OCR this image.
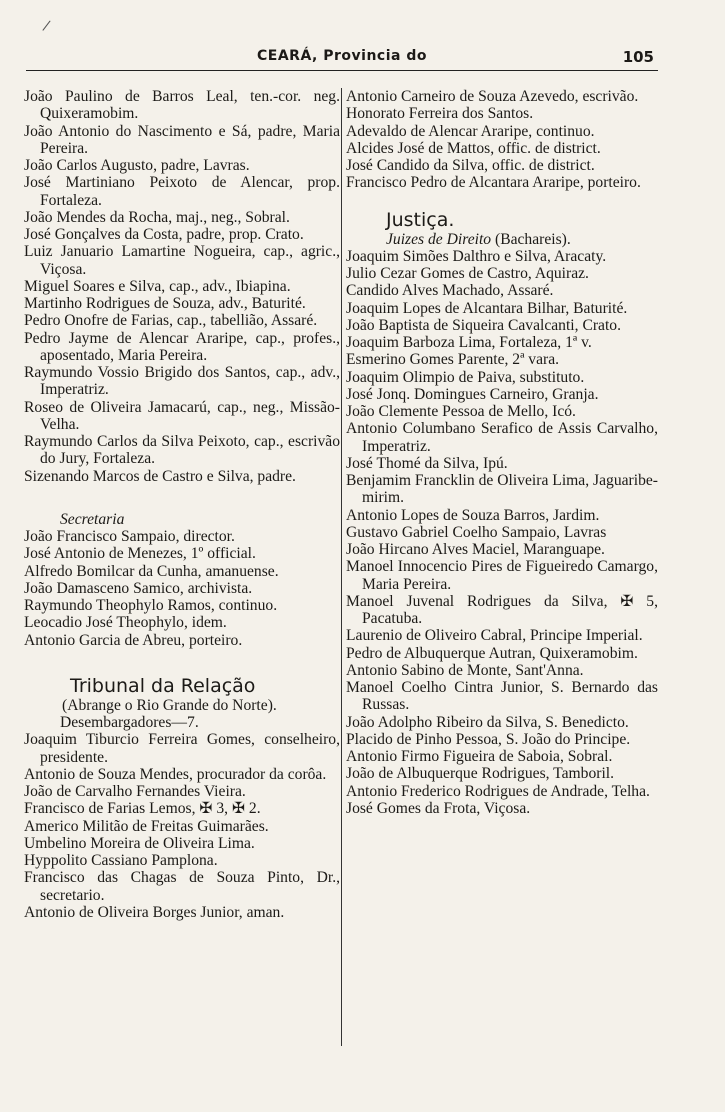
/
CEARÁ, Provincia do	105
João Paulino de Barros Leal, ten.-cor. neg. Quixeramobim.
João Antonio do Nascimento e Sá, padre, Maria Pereira.
João Carlos Augusto, padre, Lavras.
José Martiniano Peixoto de Alencar, prop. Fortaleza.
João Mendes da Rocha, maj., neg., Sobral.
José Gonçalves da Costa, padre, prop. Crato.
Luiz Januario Lamartine Nogueira, cap., agric., Viçosa.
Miguel Soares e Silva, cap., adv., Ibiapina.
Martinho Rodrigues de Souza, adv., Baturité.
Pedro Onofre de Farias, cap., tabellião, Assaré.
Pedro Jayme de Alencar Araripe, cap., profes., aposentado, Maria Pereira.
Raymundo Vossio Brigido dos Santos, cap., adv., Imperatriz.
Roseo de Oliveira Jamacarú, cap., neg., Missão-Velha.
Raymundo Carlos da Silva Peixoto, cap., escrivão do Jury, Fortaleza.
Sizenando Marcos de Castro e Silva, padre.
Secretaria
João Francisco Sampaio, director.
José Antonio de Menezes, 1º official.
Alfredo Bomilcar da Cunha, amanuense.
João Damasceno Samico, archivista.
Raymundo Theophylo Ramos, continuo.
Leocadio José Theophylo, idem.
Antonio Garcia de Abreu, porteiro.
Tribunal da Relação
(Abrange o Rio Grande do Norte).
Desembargadores—7.
Joaquim Tiburcio Ferreira Gomes, conselheiro, presidente.
Antonio de Souza Mendes, procurador da corôa.
João de Carvalho Fernandes Vieira.
Francisco de Farias Lemos, ✠ 3, ✠ 2.
Americo Militão de Freitas Guimarães.
Umbelino Moreira de Oliveira Lima.
Hyppolito Cassiano Pamplona.
Francisco das Chagas de Souza Pinto, Dr., secretario.
Antonio de Oliveira Borges Junior, aman.
Antonio Carneiro de Souza Azevedo, escrivão.
Honorato Ferreira dos Santos.
Adevaldo de Alencar Araripe, continuo.
Alcides José de Mattos, offic. de district.
José Candido da Silva, offic. de district.
Francisco Pedro de Alcantara Araripe, porteiro.
Justiça.
Juizes de Direito (Bachareis).
Joaquim Simões Dalthro e Silva, Aracaty.
Julio Cezar Gomes de Castro, Aquiraz.
Candido Alves Machado, Assaré.
Joaquim Lopes de Alcantara Bilhar, Baturité.
João Baptista de Siqueira Cavalcanti, Crato.
Joaquim Barboza Lima, Fortaleza, 1ª v.
Esmerino Gomes Parente, 2ª vara.
Joaquim Olimpio de Paiva, substituto.
José Jonq. Domingues Carneiro, Granja.
João Clemente Pessoa de Mello, Icó.
Antonio Columbano Serafico de Assis Carvalho, Imperatriz.
José Thomé da Silva, Ipú.
Benjamim Francklin de Oliveira Lima, Jaguaribe-mirim.
Antonio Lopes de Souza Barros, Jardim.
Gustavo Gabriel Coelho Sampaio, Lavras
João Hircano Alves Maciel, Maranguape.
Manoel Innocencio Pires de Figueiredo Camargo, Maria Pereira.
Manoel Juvenal Rodrigues da Silva, ✠ 5, Pacatuba.
Laurenio de Oliveiro Cabral, Principe Imperial.
Pedro de Albuquerque Autran, Quixeramobim.
Antonio Sabino de Monte, Sant'Anna.
Manoel Coelho Cintra Junior, S. Bernardo das Russas.
João Adolpho Ribeiro da Silva, S. Benedicto.
Placido de Pinho Pessoa, S. João do Principe.
Antonio Firmo Figueira de Saboia, Sobral.
João de Albuquerque Rodrigues, Tamboril.
Antonio Frederico Rodrigues de Andrade, Telha.
José Gomes da Frota, Viçosa.
